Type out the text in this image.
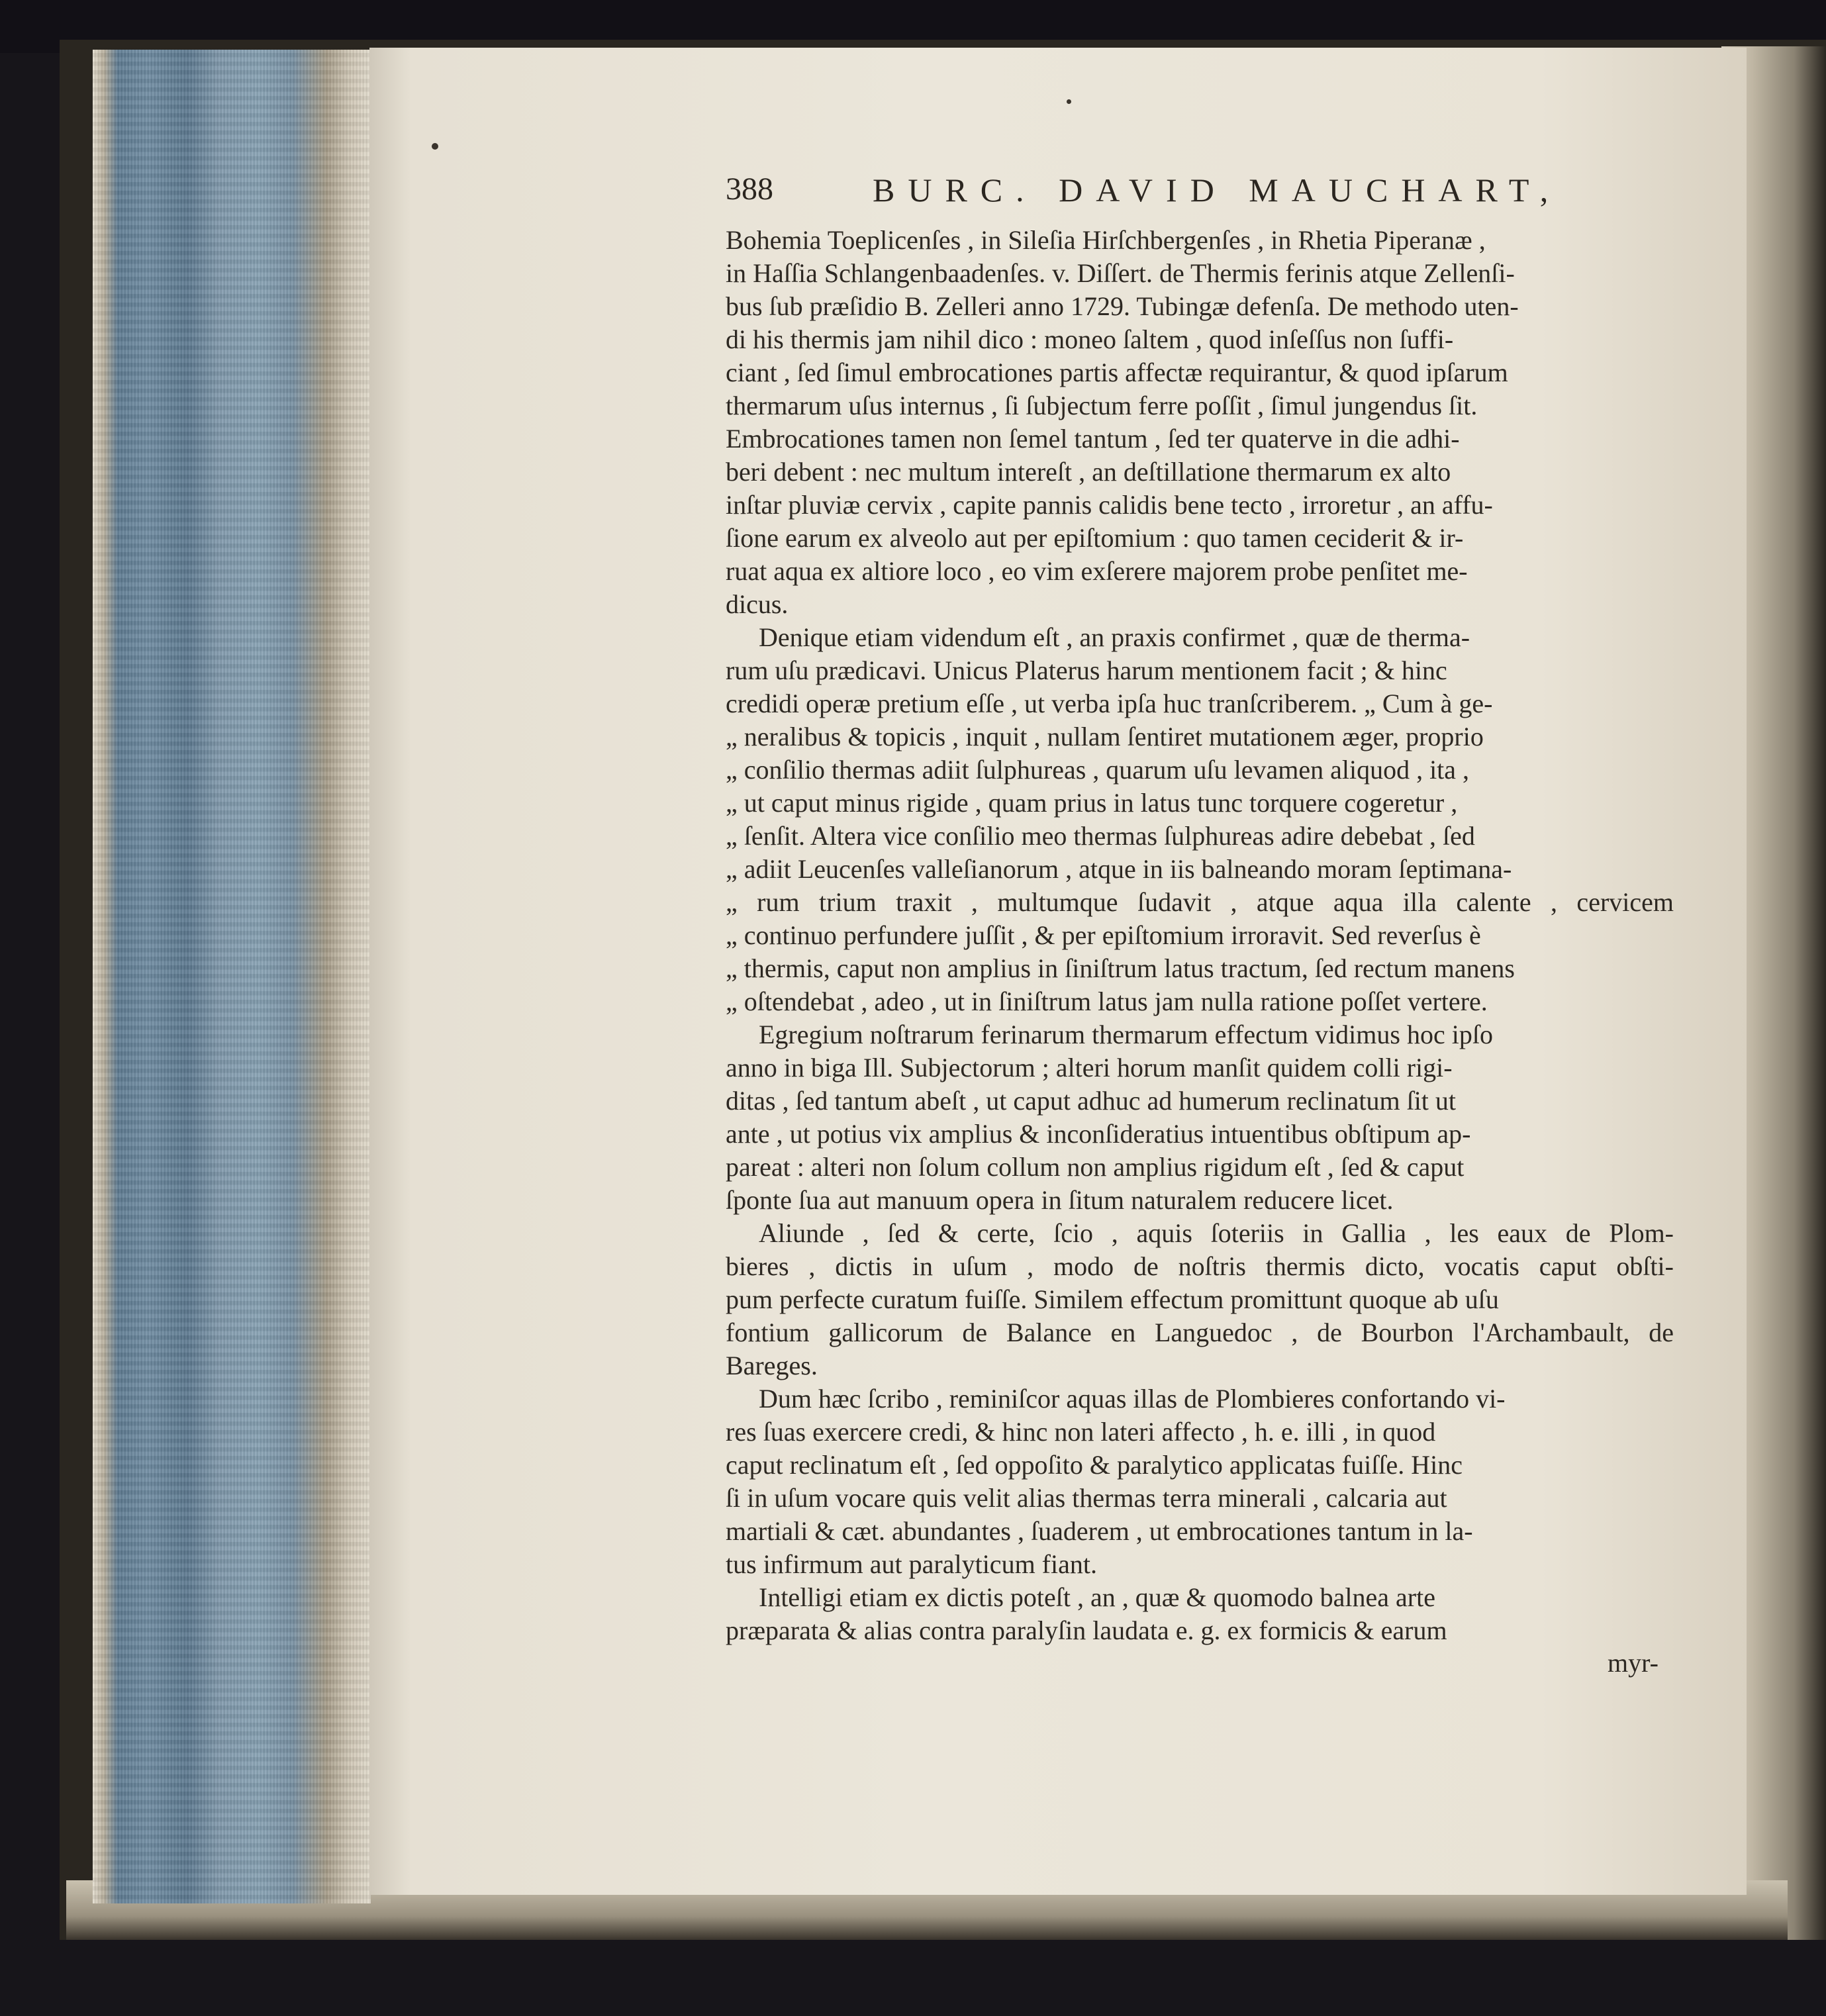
388	BURC. DAVID MAUCHART,
Bohemia Toeplicenſes , in Sileſia Hirſchbergenſes , in Rhetia Piperanæ ,
in Haſſia Schlangenbaadenſes. v. Diſſert. de Thermis ferinis atque Zellenſi-
bus ſub præſidio B. Zelleri anno 1729. Tubingæ defenſa. De methodo uten-
di his thermis jam nihil dico : moneo ſaltem , quod inſeſſus non ſuffi-
ciant , ſed ſimul embrocationes partis affectæ requirantur, & quod ipſarum
thermarum uſus internus , ſi ſubjectum ferre poſſit , ſimul jungendus ſit.
Embrocationes tamen non ſemel tantum , ſed ter quaterve in die adhi-
beri debent : nec multum intereſt , an deſtillatione thermarum ex alto
inſtar pluviæ cervix , capite pannis calidis bene tecto , irroretur , an affu-
ſione earum ex alveolo aut per epiſtomium : quo tamen ceciderit & ir-
ruat aqua ex altiore loco , eo vim exſerere majorem probe penſitet me-
dicus.
Denique etiam videndum eſt , an praxis confirmet , quæ de therma-
rum uſu prædicavi. Unicus Platerus harum mentionem facit ; & hinc
credidi operæ pretium eſſe , ut verba ipſa huc tranſcriberem. „ Cum à ge-
„ neralibus & topicis , inquit , nullam ſentiret mutationem æger, proprio
„ conſilio thermas adiit ſulphureas , quarum uſu levamen aliquod , ita ,
„ ut caput minus rigide , quam prius in latus tunc torquere cogeretur ,
„ ſenſit. Altera vice conſilio meo thermas ſulphureas adire debebat , ſed
„ adiit Leucenſes valleſianorum , atque in iis balneando moram ſeptimana-
„ rum trium traxit , multumque ſudavit , atque aqua illa calente , cervicem
„ continuo perfundere juſſit , & per epiſtomium irroravit. Sed reverſus è
„ thermis, caput non amplius in ſiniſtrum latus tractum, ſed rectum manens
„ oſtendebat , adeo , ut in ſiniſtrum latus jam nulla ratione poſſet vertere.
Egregium noſtrarum ferinarum thermarum effectum vidimus hoc ipſo
anno in biga Ill. Subjectorum ; alteri horum manſit quidem colli rigi-
ditas , ſed tantum abeſt , ut caput adhuc ad humerum reclinatum ſit ut
ante , ut potius vix amplius & inconſideratius intuentibus obſtipum ap-
pareat : alteri non ſolum collum non amplius rigidum eſt , ſed & caput
ſponte ſua aut manuum opera in ſitum naturalem reducere licet.
Aliunde , ſed & certe, ſcio , aquis ſoteriis in Gallia , les eaux de Plom-
bieres , dictis in uſum , modo de noſtris thermis dicto, vocatis caput obſti-
pum perfecte curatum fuiſſe. Similem effectum promittunt quoque ab uſu
fontium gallicorum de Balance en Languedoc , de Bourbon l'Archambault, de
Bareges.
Dum hæc ſcribo , reminiſcor aquas illas de Plombieres confortando vi-
res ſuas exercere credi, & hinc non lateri affecto , h. e. illi , in quod
caput reclinatum eſt , ſed oppoſito & paralytico applicatas fuiſſe. Hinc
ſi in uſum vocare quis velit alias thermas terra minerali , calcaria aut
martiali & cæt. abundantes , ſuaderem , ut embrocationes tantum in la-
tus infirmum aut paralyticum fiant.
Intelligi etiam ex dictis poteſt , an , quæ & quomodo balnea arte
præparata & alias contra paralyſin laudata e. g. ex formicis & earum
myr-
